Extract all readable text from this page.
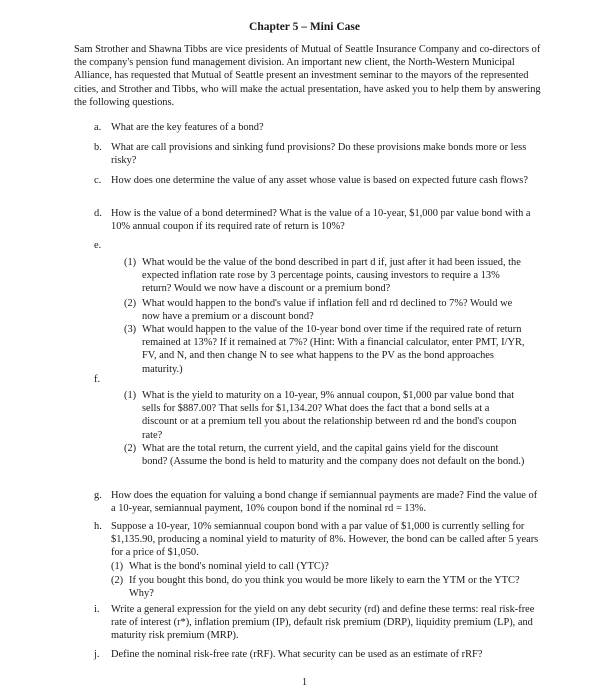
Chapter 5 – Mini Case
Sam Strother and Shawna Tibbs are vice presidents of Mutual of Seattle Insurance Company and co-directors of the company's pension fund management division. An important new client, the North-Western Municipal Alliance, has requested that Mutual of Seattle present an investment seminar to the mayors of the represented cities, and Strother and Tibbs, who will make the actual presentation, have asked you to help them by answering the following questions.
a. What are the key features of a bond?
b. What are call provisions and sinking fund provisions? Do these provisions make bonds more or less risky?
c. How does one determine the value of any asset whose value is based on expected future cash flows?
d. How is the value of a bond determined? What is the value of a 10-year, $1,000 par value bond with a 10% annual coupon if its required rate of return is 10%?
e.
(1) What would be the value of the bond described in part d if, just after it had been issued, the expected inflation rate rose by 3 percentage points, causing investors to require a 13% return? Would we now have a discount or a premium bond?
(2) What would happen to the bond's value if inflation fell and rd declined to 7%? Would we now have a premium or a discount bond?
(3) What would happen to the value of the 10-year bond over time if the required rate of return remained at 13%? If it remained at 7%? (Hint: With a financial calculator, enter PMT, I/YR, FV, and N, and then change N to see what happens to the PV as the bond approaches maturity.)
f.
(1) What is the yield to maturity on a 10-year, 9% annual coupon, $1,000 par value bond that sells for $887.00? That sells for $1,134.20? What does the fact that a bond sells at a discount or at a premium tell you about the relationship between rd and the bond's coupon rate?
(2) What are the total return, the current yield, and the capital gains yield for the discount bond? (Assume the bond is held to maturity and the company does not default on the bond.)
g. How does the equation for valuing a bond change if semiannual payments are made? Find the value of a 10-year, semiannual payment, 10% coupon bond if the nominal rd = 13%.
h. Suppose a 10-year, 10% semiannual coupon bond with a par value of $1,000 is currently selling for $1,135.90, producing a nominal yield to maturity of 8%. However, the bond can be called after 5 years for a price of $1,050.
(1) What is the bond's nominal yield to call (YTC)?
(2) If you bought this bond, do you think you would be more likely to earn the YTM or the YTC? Why?
i. Write a general expression for the yield on any debt security (rd) and define these terms: real risk-free rate of interest (r*), inflation premium (IP), default risk premium (DRP), liquidity premium (LP), and maturity risk premium (MRP).
j. Define the nominal risk-free rate (rRF). What security can be used as an estimate of rRF?
1
